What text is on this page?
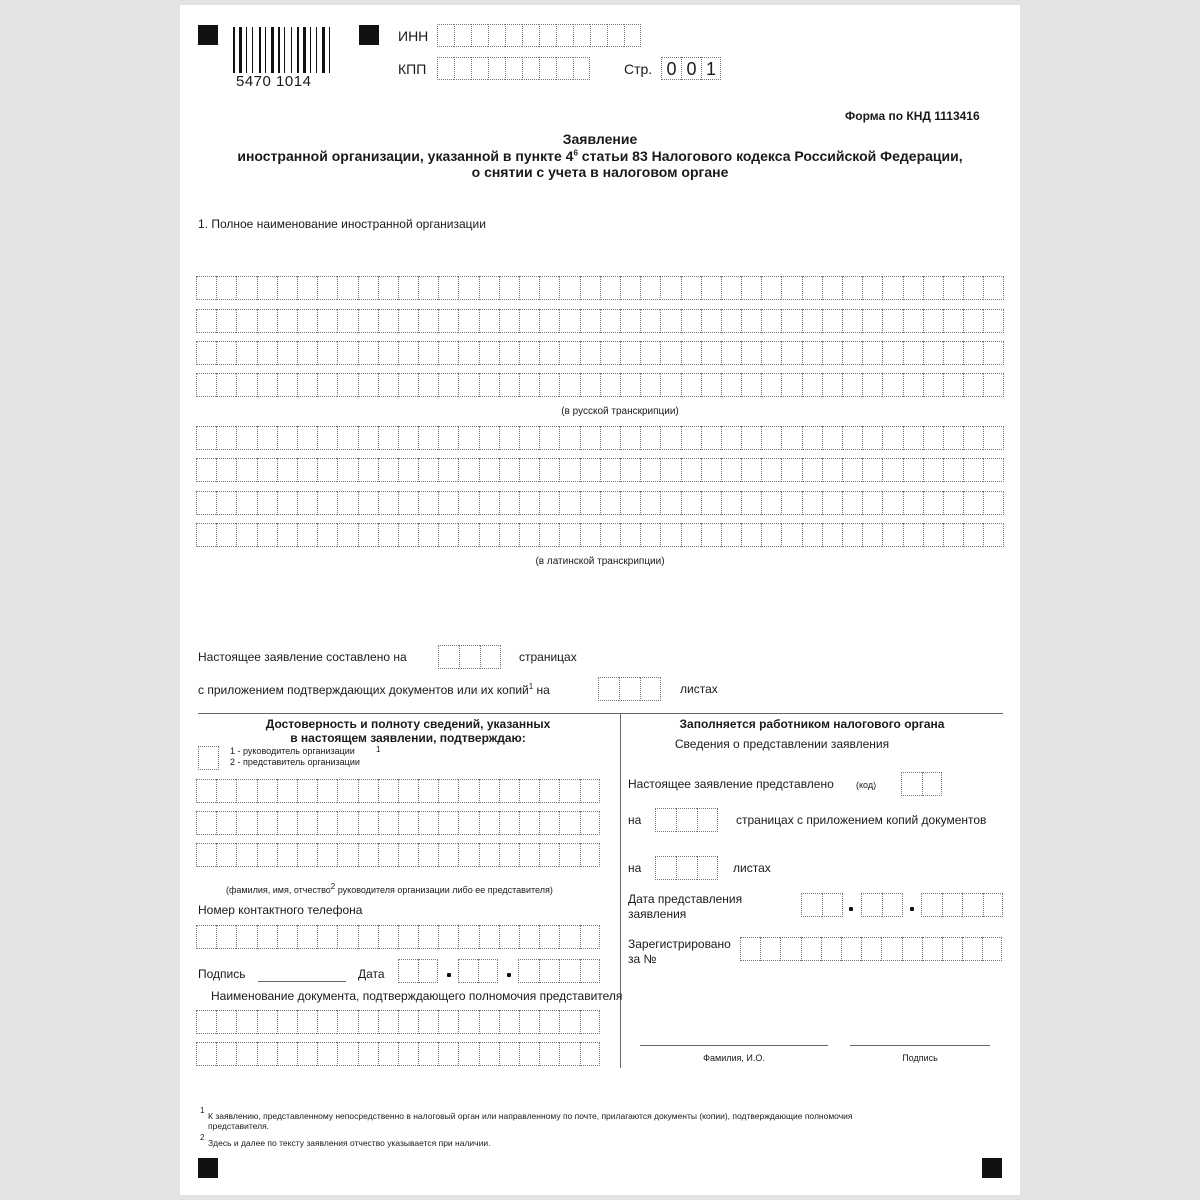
5470 1014
ИНН
КПП	Стр. 0 0 1
Форма по КНД 1113416
Заявление
иностранной организации, указанной в пункте $4^6$ статьи 83 Налогового кодекса Российской Федерации,
о снятии с учета в налоговом органе
1. Полное наименование иностранной организации
(в русской транскрипции)
(в латинской транскрипции)
Настоящее заявление составлено на	страницах
с приложением подтверждающих документов или их копий$^1$ на	листах
Достоверность и полноту сведений, указанных
в настоящем заявлении, подтверждаю:
1 - руководитель организации	1
2 - представитель организации
(фамилия, имя, отчество2 руководителя организации либо ее представителя)
Номер контактного телефона
Подпись	Дата
Наименование документа, подтверждающего полномочия представителя
Заполняется работником налогового органа
Сведения о представлении заявления
Настоящее заявление представлено (код)
на	страницах с приложением копий документов
на	листах
Дата представления
заявления
Зарегистрировано
за №
Фамилия, И.О.	Подпись
1
К заявлению, представленному непосредственно в налоговый орган или направленному по почте, прилагаются документы (копии), подтверждающие полномочия
представителя.
2
Здесь и далее по тексту заявления отчество указывается при наличии.
